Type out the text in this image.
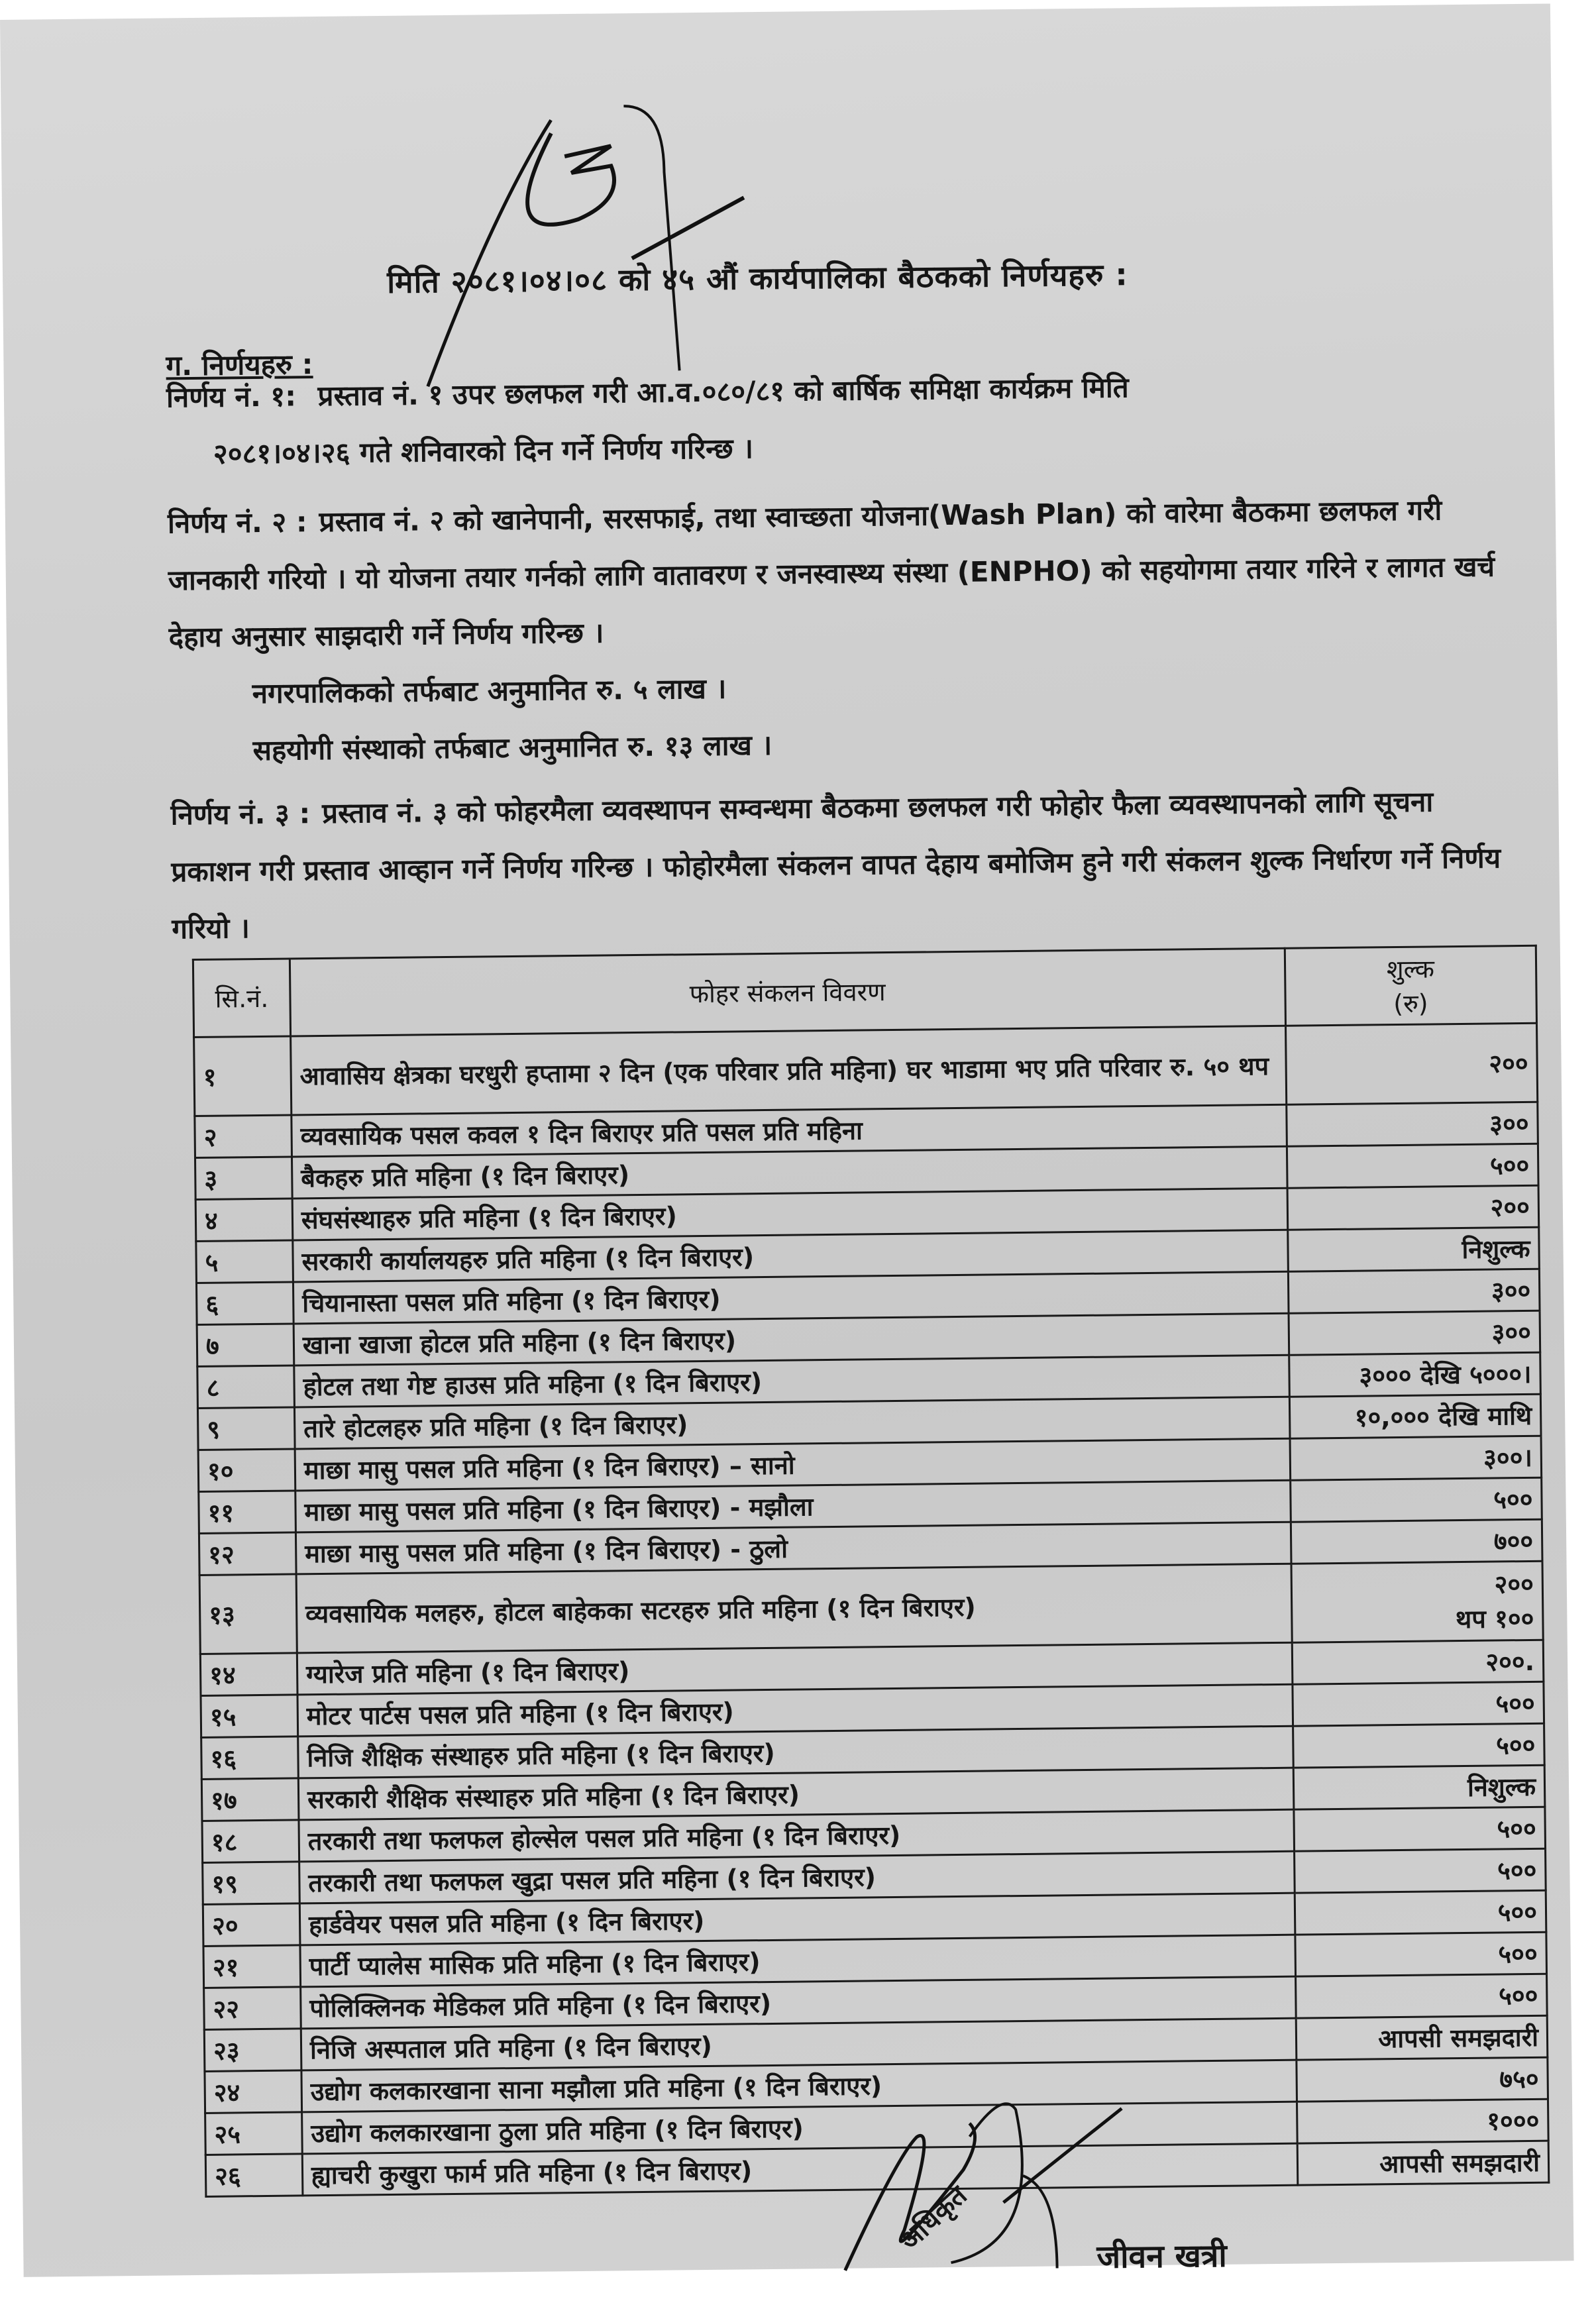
मिति २०८१।०४।०८ को ४५ औं कार्यपालिका बैठकको निर्णयहरु :
ग. निर्णयहरु :
निर्णय नं. १: प्रस्ताव नं. १ उपर छलफल गरी आ.व.०८०/८१ को बार्षिक समिक्षा कार्यक्रम मिति
२०८१।०४।२६ गते शनिवारको दिन गर्ने निर्णय गरिन्छ ।
निर्णय नं. २ : प्रस्ताव नं. २ को खानेपानी, सरसफाई, तथा स्वाच्छता योजना(Wash Plan) को वारेमा बैठकमा छलफल गरी जानकारी गरियो । यो योजना तयार गर्नको लागि वातावरण र जनस्वास्थ्य संस्था (ENPHO) को सहयोगमा तयार गरिने र लागत खर्च देहाय अनुसार साझदारी गर्ने निर्णय गरिन्छ ।
नगरपालिकको तर्फबाट अनुमानित रु. ५ लाख ।
सहयोगी संस्थाको तर्फबाट अनुमानित रु. १३ लाख ।
निर्णय नं. ३ : प्रस्ताव नं. ३ को फोहरमैला व्यवस्थापन सम्वन्धमा बैठकमा छलफल गरी फोहोर फैला व्यवस्थापनको लागि सूचना प्रकाशन गरी प्रस्ताव आव्हान गर्ने निर्णय गरिन्छ । फोहोरमैला संकलन वापत देहाय बमोजिम हुने गरी संकलन शुल्क निर्धारण गर्ने निर्णय गरियो ।
सि.नं.	फोहर संकलन विवरण	शुल्क
(रु)

१	आवासिय क्षेत्रका घरधुरी हप्तामा २ दिन (एक परिवार प्रति महिना) घर भाडामा भए प्रति परिवार रु. ५० थप	२००

२	व्यवसायिक पसल कवल १ दिन बिराएर प्रति पसल प्रति महिना	३००

३	बैकहरु प्रति महिना (१ दिन बिराएर)	५००

४	संघसंस्थाहरु प्रति महिना (१ दिन बिराएर)	२००

५	सरकारी कार्यालयहरु प्रति महिना (१ दिन बिराएर)	निशुल्क

६	चियानास्ता पसल प्रति महिना (१ दिन बिराएर)	३००

७	खाना खाजा होटल प्रति महिना (१ दिन बिराएर)	३००

८	होटल तथा गेष्ट हाउस प्रति महिना (१ दिन बिराएर)	३००० देखि ५०००।

९	तारे होटलहरु प्रति महिना (१ दिन बिराएर)	१०,००० देखि माथि

१०	माछा मासु पसल प्रति महिना (१ दिन बिराएर) – सानो	३००।

११	माछा मासु पसल प्रति महिना (१ दिन बिराएर) - मझौला	५००

१२	माछा मासु पसल प्रति महिना (१ दिन बिराएर) - ठुलो	७००

१३	व्यवसायिक मलहरु, होटल बाहेकका सटरहरु प्रति महिना (१ दिन बिराएर)	२००
थप १००

१४	ग्यारेज प्रति महिना (१ दिन बिराएर)	२००.

१५	मोटर पार्टस पसल प्रति महिना (१ दिन बिराएर)	५००

१६	निजि शैक्षिक संस्थाहरु प्रति महिना (१ दिन बिराएर)	५००

१७	सरकारी शैक्षिक संस्थाहरु प्रति महिना (१ दिन बिराएर)	निशुल्क

१८	तरकारी तथा फलफल होल्सेल पसल प्रति महिना (१ दिन बिराएर)	५००

१९	तरकारी तथा फलफल खुद्रा पसल प्रति महिना (१ दिन बिराएर)	५००

२०	हार्डवेयर पसल प्रति महिना (१ दिन बिराएर)	५००

२१	पार्टी प्यालेस मासिक प्रति महिना (१ दिन बिराएर)	५००

२२	पोलिक्लिनक मेडिकल प्रति महिना (१ दिन बिराएर)	५००

२३	निजि अस्पताल प्रति महिना (१ दिन बिराएर)	आपसी समझदारी

२४	उद्योग कलकारखाना साना मझौला प्रति महिना (१ दिन बिराएर)	७५०

२५	उद्योग कलकारखाना ठुला प्रति महिना (१ दिन बिराएर)	१०००

२६	ह्याचरी कुखुरा फार्म प्रति महिना (१ दिन बिराएर)	आपसी समझदारी
अधिकृत
जीवन खत्री
